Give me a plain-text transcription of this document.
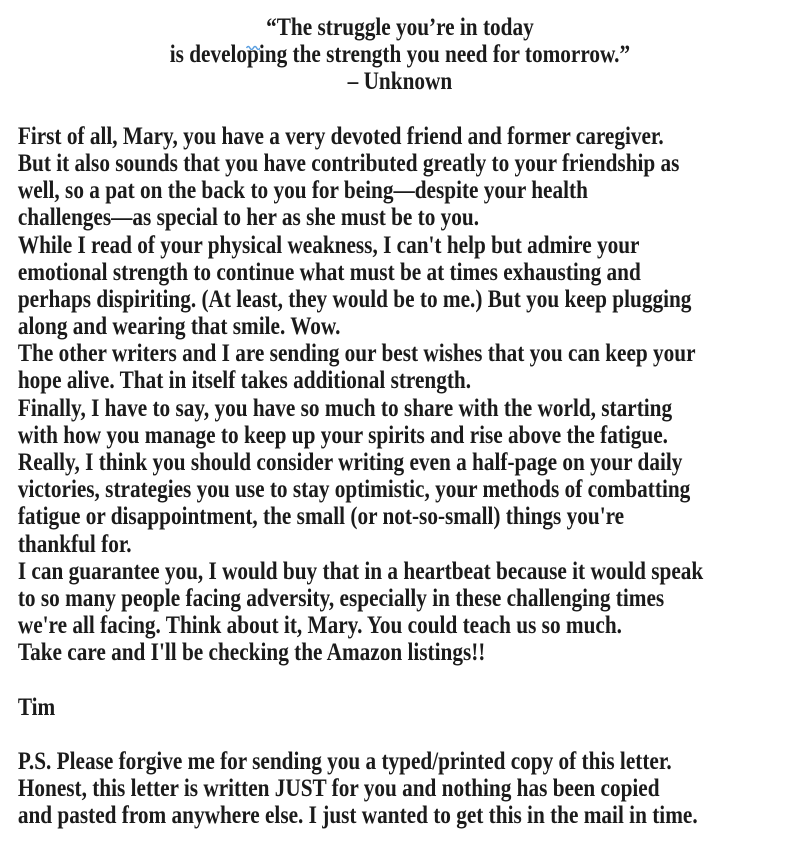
“The struggle you’re in today
is developing the strength you need for tomorrow.”
– Unknown
First of all, Mary, you have a very devoted friend and former caregiver.
But it also sounds that you have contributed greatly to your friendship as
well, so a pat on the back to you for being—despite your health
challenges—as special to her as she must be to you.
While I read of your physical weakness, I can't help but admire your
emotional strength to continue what must be at times exhausting and
perhaps dispiriting. (At least, they would be to me.) But you keep plugging
along and wearing that smile. Wow.
The other writers and I are sending our best wishes that you can keep your
hope alive. That in itself takes additional strength.
Finally, I have to say, you have so much to share with the world, starting
with how you manage to keep up your spirits and rise above the fatigue.
Really, I think you should consider writing even a half-page on your daily
victories, strategies you use to stay optimistic, your methods of combatting
fatigue or disappointment, the small (or not-so-small) things you're
thankful for.
I can guarantee you, I would buy that in a heartbeat because it would speak
to so many people facing adversity, especially in these challenging times
we're all facing. Think about it, Mary. You could teach us so much.
Take care and I'll be checking the Amazon listings!!
Tim
P.S. Please forgive me for sending you a typed/printed copy of this letter.
Honest, this letter is written JUST for you and nothing has been copied
and pasted from anywhere else. I just wanted to get this in the mail in time.
